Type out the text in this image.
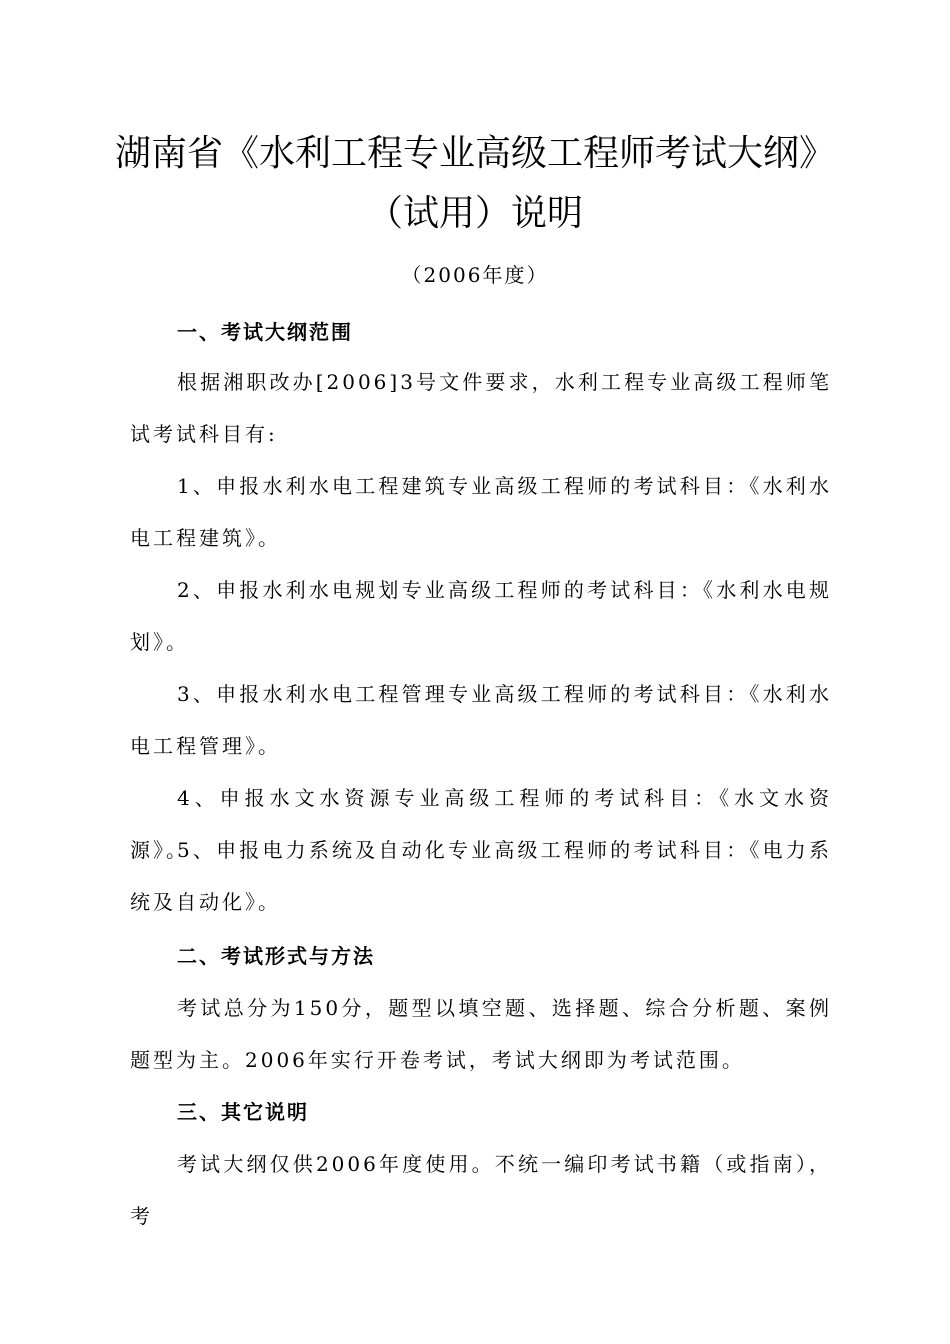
湖南省《水利工程专业高级工程师考试大纲》
（试用）说明
（2006年度）
一、考试大纲范围

根据湘职改办[2006]3号文件要求，水利工程专业高级工程师笔试考试科目有:

1、申报水利水电工程建筑专业高级工程师的考试科目：《水利水电工程建筑》。

2、申报水利水电规划专业高级工程师的考试科目：《水利水电规划》。

3、申报水利水电工程管理专业高级工程师的考试科目：《水利水电工程管理》。

4、申报水文水资源专业高级工程师的考试科目：《水文水资源》。

5、申报电力系统及自动化专业高级工程师的考试科目：《电力系统及自动化》。

二、考试形式与方法

考试总分为150分，题型以填空题、选择题、综合分析题、案例题型为主。2006年实行开卷考试，考试大纲即为考试范围。

三、其它说明

考试大纲仅供2006年度使用。不统一编印考试书籍（或指南），考
